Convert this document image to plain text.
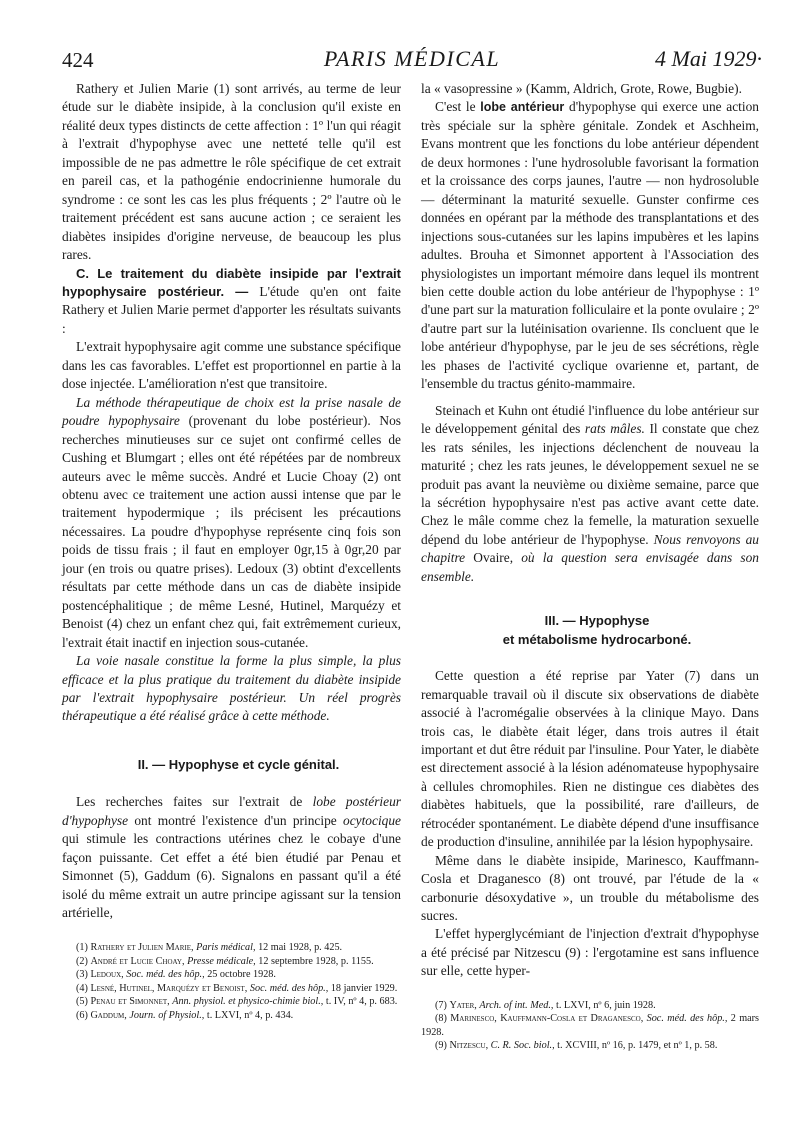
424	PARIS MÉDICAL	4 Mai 1929·

Rathery et Julien Marie (1) sont arrivés, au terme de leur étude sur le diabète insipide, à la conclusion qu'il existe en réalité deux types distincts de cette affection : 1º l'un qui réagit à l'extrait d'hypophyse avec une netteté telle qu'il est impossible de ne pas admettre le rôle spécifique de cet extrait en pareil cas, et la pathogénie endocrinienne humorale du syndrome : ce sont les cas les plus fréquents ; 2º l'autre où le traitement précédent est sans aucune action ; ce seraient les diabètes insipides d'origine nerveuse, de beaucoup les plus rares.

C. Le traitement du diabète insipide par l'extrait hypophysaire postérieur. — L'étude qu'en ont faite Rathery et Julien Marie permet d'apporter les résultats suivants :

L'extrait hypophysaire agit comme une substance spécifique dans les cas favorables. L'effet est proportionnel en partie à la dose injectée. L'amélioration n'est que transitoire.

La méthode thérapeutique de choix est la prise nasale de poudre hypophysaire (provenant du lobe postérieur). Nos recherches minutieuses sur ce sujet ont confirmé celles de Cushing et Blumgart ; elles ont été répétées par de nombreux auteurs avec le même succès. André et Lucie Choay (2) ont obtenu avec ce traitement une action aussi intense que par le traitement hypodermique ; ils précisent les précautions nécessaires. La poudre d'hypophyse représente cinq fois son poids de tissu frais ; il faut en employer 0gr,15 à 0gr,20 par jour (en trois ou quatre prises). Ledoux (3) obtint d'excellents résultats par cette méthode dans un cas de diabète insipide postencéphalitique ; de même Lesné, Hutinel, Marquézy et Benoist (4) chez un enfant chez qui, fait extrêmement curieux, l'extrait était inactif en injection sous-cutanée.

La voie nasale constitue la forme la plus simple, la plus efficace et la plus pratique du traitement du diabète insipide par l'extrait hypophysaire postérieur. Un réel progrès thérapeutique a été réalisé grâce à cette méthode.

II. — Hypophyse et cycle génital.

Les recherches faites sur l'extrait de lobe postérieur d'hypophyse ont montré l'existence d'un principe ocytocique qui stimule les contractions utérines chez le cobaye d'une façon puissante. Cet effet a été bien étudié par Penau et Simonnet (5), Gaddum (6). Signalons en passant qu'il a été isolé du même extrait un autre principe agissant sur la tension artérielle,

(1) Rathery et Julien Marie, Paris médical, 12 mai 1928, p. 425.

(2) André et Lucie Choay, Presse médicale, 12 septembre 1928, p. 1155.

(3) Ledoux, Soc. méd. des hôp., 25 octobre 1928.

(4) Lesné, Hutinel, Marquézy et Benoist, Soc. méd. des hôp., 18 janvier 1929.

(5) Penau et Simonnet, Ann. physiol. et physico-chimie biol., t. IV, nº 4, p. 683.

(6) Gaddum, Journ. of Physiol., t. LXVI, nº 4, p. 434.

la « vasopressine » (Kamm, Aldrich, Grote, Rowe, Bugbie).

C'est le lobe antérieur d'hypophyse qui exerce une action très spéciale sur la sphère génitale. Zondek et Aschheim, Evans montrent que les fonctions du lobe antérieur dépendent de deux hormones : l'une hydrosoluble favorisant la formation et la croissance des corps jaunes, l'autre — non hydrosoluble — déterminant la maturité sexuelle. Gunster confirme ces données en opérant par la méthode des transplantations et des injections sous-cutanées sur les lapins impubères et les lapins adultes. Brouha et Simonnet apportent à l'Association des physiologistes un important mémoire dans lequel ils montrent bien cette double action du lobe antérieur de l'hypophyse : 1º d'une part sur la maturation folliculaire et la ponte ovulaire ; 2º d'autre part sur la lutéinisation ovarienne. Ils concluent que le lobe antérieur d'hypophyse, par le jeu de ses sécrétions, règle les phases de l'activité cyclique ovarienne et, partant, de l'ensemble du tractus génito-mammaire.

Steinach et Kuhn ont étudié l'influence du lobe antérieur sur le développement génital des rats mâles. Il constate que chez les rats séniles, les injections déclenchent de nouveau la maturité ; chez les rats jeunes, le développement sexuel ne se produit pas avant la neuvième ou dixième semaine, parce que la sécrétion hypophysaire n'est pas active avant cette date. Chez le mâle comme chez la femelle, la maturation sexuelle dépend du lobe antérieur de l'hypophyse. Nous renvoyons au chapitre Ovaire, où la question sera envisagée dans son ensemble.

III. — Hypophyse

et métabolisme hydrocarboné.

Cette question a été reprise par Yater (7) dans un remarquable travail où il discute six observations de diabète associé à l'acromégalie observées à la clinique Mayo. Dans trois cas, le diabète était léger, dans trois autres il était important et dut être réduit par l'insuline. Pour Yater, le diabète est directement associé à la lésion adénomateuse hypophysaire à cellules chromophiles. Rien ne distingue ces diabètes des diabètes habituels, que la possibilité, rare d'ailleurs, de rétrocéder spontanément. Le diabète dépend d'une insuffisance de production d'insuline, annihilée par la lésion hypophysaire.

Même dans le diabète insipide, Marinesco, Kauffmann-Cosla et Draganesco (8) ont trouvé, par l'étude de la « carbonurie désoxydative », un trouble du métabolisme des sucres.

L'effet hyperglycémiant de l'injection d'extrait d'hypophyse a été précisé par Nitzescu (9) : l'ergotamine est sans influence sur elle, cette hyper-

(7) Yater, Arch. of int. Med., t. LXVI, nº 6, juin 1928.

(8) Marinesco, Kauffmann-Cosla et Draganesco, Soc. méd. des hôp., 2 mars 1928.

(9) Nitzescu, C. R. Soc. biol., t. XCVIII, nº 16, p. 1479, et nº 1, p. 58.
